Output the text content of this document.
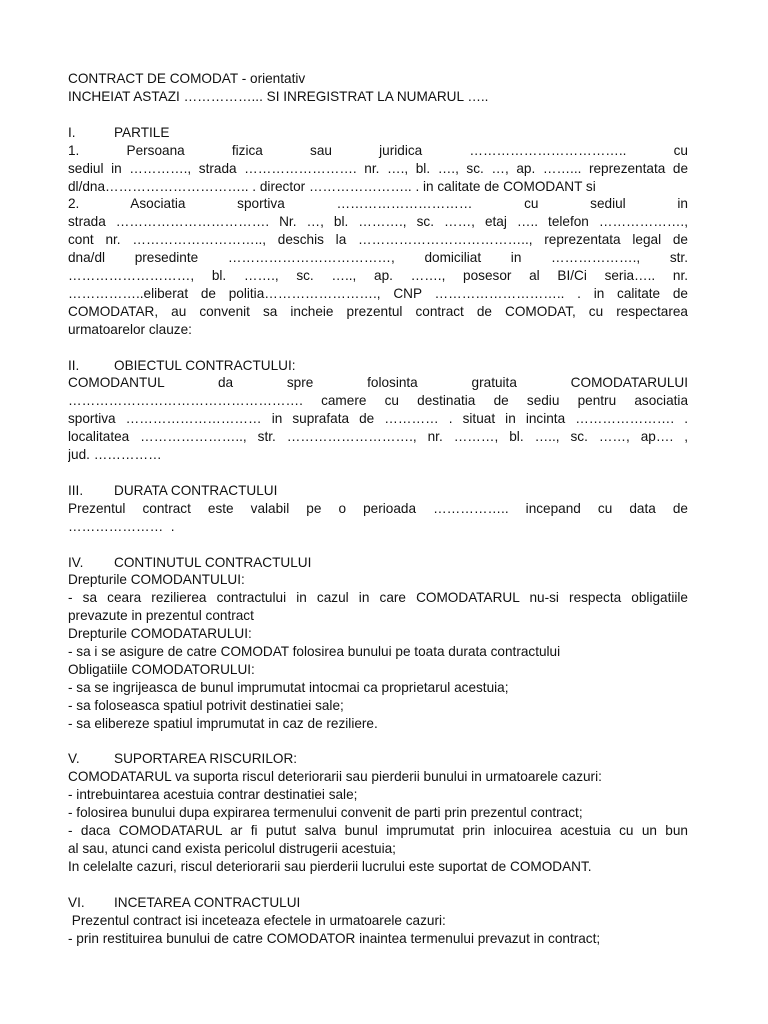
CONTRACT DE COMODAT - orientativ
INCHEIAT ASTAZI ……………... SI INREGISTRAT LA NUMARUL …..
I.	PARTILE
1. Persoana fizica sau juridica …………………………….. cu
sediul in …………., strada ……………………. nr. …., bl. …., sc. …, ap. ……... reprezentata de
dl/dna………………………….. . director ………………….. . in calitate de COMODANT si
2. Asociatia sportiva ………………………… cu sediul in
strada ……………………………. Nr. …, bl. ………., sc. ……, etaj ….. telefon ……………….,
cont nr. ……………………….., deschis la ……………………………….., reprezentata legal de
dna/dl presedinte ………………………………, domiciliat in ………………., str.
………………………, bl. ……., sc. ….., ap. ……., posesor al BI/Ci seria….. nr.
……………..eliberat de politia……………………., CNP ……………………….. . in calitate de
COMODATAR, au convenit sa incheie prezentul contract de COMODAT, cu respectarea
urmatoarelor clauze:
II.	OBIECTUL CONTRACTULUI:
COMODANTUL da spre folosinta gratuita COMODATARULUI
……………………………………………. camere cu destinatia de sediu pentru asociatia
sportiva ………………………… in suprafata de ………… . situat in incinta …………………. .
localitatea ………………….., str. ………………………., nr. ………, bl. ….., sc. ……, ap…. ,
jud. ……………
III.	DURATA CONTRACTULUI
Prezentul contract este valabil pe o perioada …………….. incepand cu data de
…………………  .
IV.	CONTINUTUL CONTRACTULUI
Drepturile COMODANTULUI:
- sa ceara rezilierea contractului in cazul in care COMODATARUL nu-si respecta obligatiile
prevazute in prezentul contract
Drepturile COMODATARULUI:
- sa i se asigure de catre COMODAT folosirea bunului pe toata durata contractului
Obligatiile COMODATORULUI:
- sa se ingrijeasca de bunul imprumutat intocmai ca proprietarul acestuia;
- sa foloseasca spatiul potrivit destinatiei sale;
- sa elibereze spatiul imprumutat in caz de reziliere.
V.	SUPORTAREA RISCURILOR:
COMODATARUL va suporta riscul deteriorarii sau pierderii bunului in urmatoarele cazuri:
- intrebuintarea acestuia contrar destinatiei sale;
- folosirea bunului dupa expirarea termenului convenit de parti prin prezentul contract;
- daca COMODATARUL ar fi putut salva bunul imprumutat prin inlocuirea acestuia cu un bun
al sau, atunci cand exista pericolul distrugerii acestuia;
In celelalte cazuri, riscul deteriorarii sau pierderii lucrului este suportat de COMODANT.
VI.	INCETAREA CONTRACTULUI
Prezentul contract isi inceteaza efectele in urmatoarele cazuri:
- prin restituirea bunului de catre COMODATOR inaintea termenului prevazut in contract;
